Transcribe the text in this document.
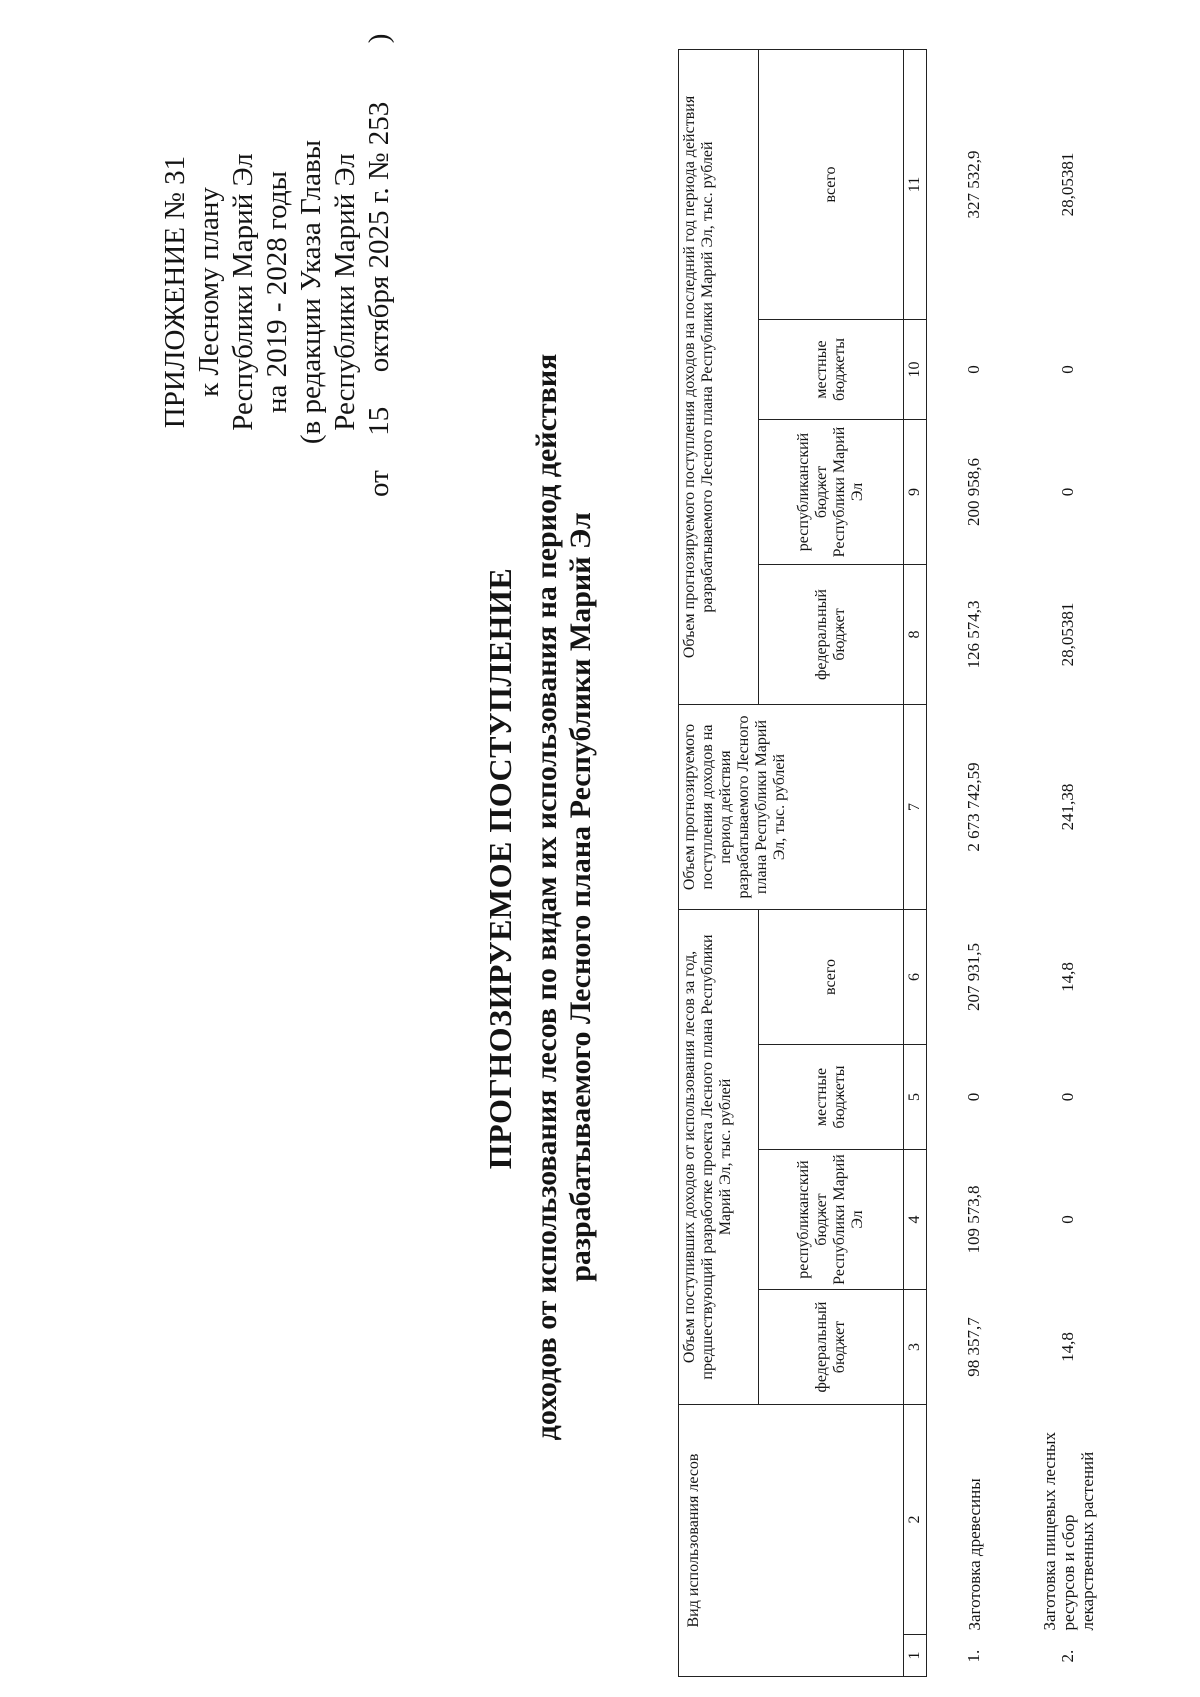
ПРИЛОЖЕНИЕ № 31 к Лесному плану Республики Марий Эл на 2019 - 2028 годы (в редакции Указа Главы Республики Марий Эл
от  15  октября 2025 г. № 253  )
ПРОГНОЗИРУЕМОЕ ПОСТУПЛЕНИЕ доходов от использования лесов по видам их использования на период действия разрабатываемого Лесного плана Республики Марий Эл
Вид использования лесов		Объем поступивших доходов от использования лесов за год, предшествующий разработке проекта Лесного плана Республики Марий Эл, тыс. рублей				Объем прогнозируемого поступления доходов на период действия разрабатываемого Лесного плана Республики Марий Эл, тыс. рублей	Объем прогнозируемого поступления доходов на последний год периода действия разрабатываемого Лесного плана Республики Марий Эл, тыс. рублей			
		федеральный бюджет	республиканский бюджет Республики Марий Эл	местные бюджеты	всего		федеральный бюджет	республиканский бюджет Республики Марий Эл	местные бюджеты	всего
1	2	3	4	5	6	7	8	9	10	11
1.	Заготовка древесины	98 357,7	109 573,8	0	207 931,5	2 673 742,59	126 574,3	200 958,6	0	327 532,9
2.	Заготовка пищевых лесных ресурсов и сбор лекарственных растений	14,8	0	0	14,8	241,38	28,05381	0	0	28,05381
